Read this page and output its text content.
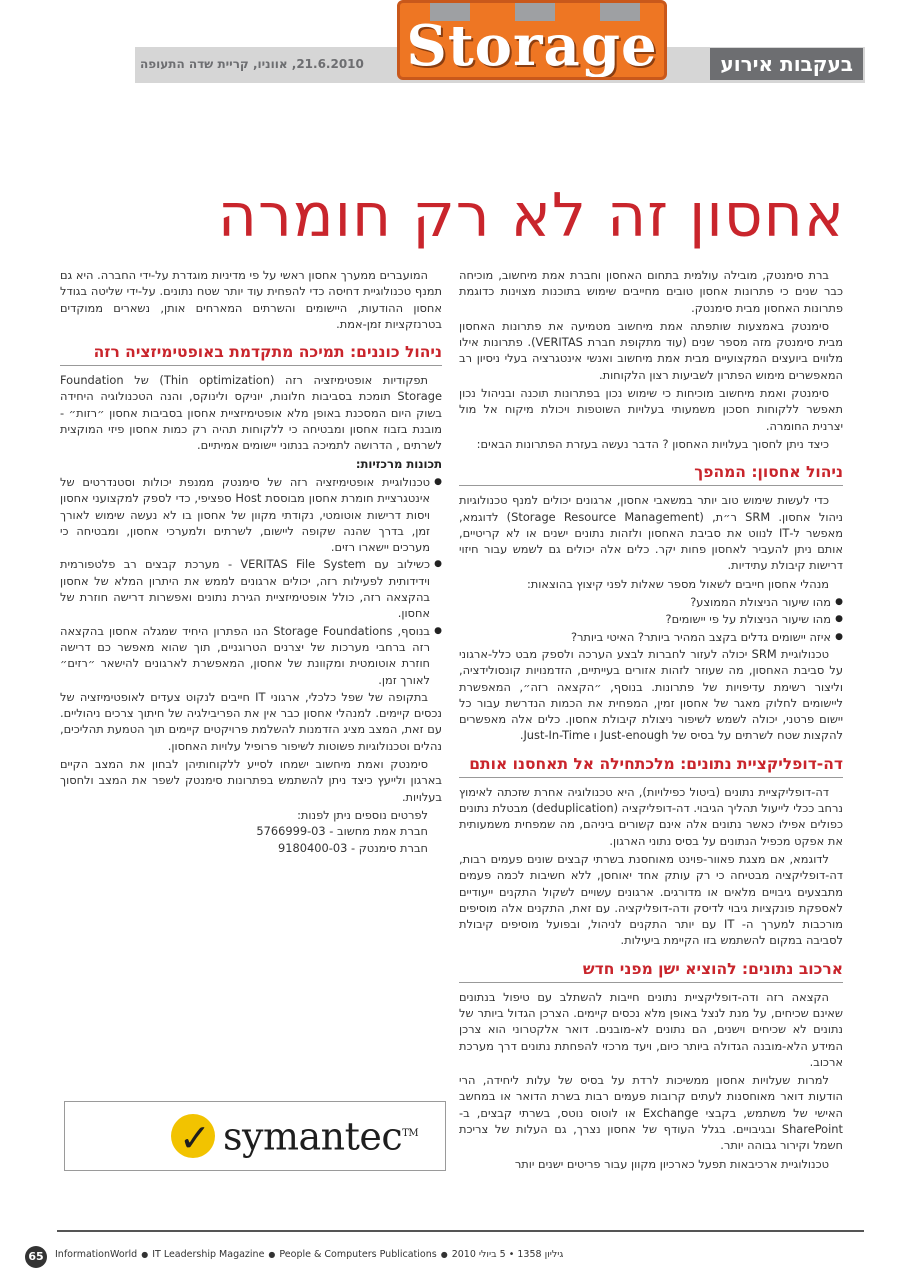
בעקבות אירוע
21.6.2010, אווניו, קריית שדה התעופה Storage
אחסון זה לא רק חומרה

ברת סימנטק, מובילה עולמית בתחום האחסון וחברת אמת מיחשוב, מוכיחה כבר שנים כי פתרונות אחסון טובים מחייבים שימוש בתוכנות מצוינות כדוגמת פתרונות האחסון מבית סימנטק.

סימנטק באמצעות שותפתה אמת מיחשוב מטמיעה את פתרונות האחסון מבית סימנטק מזה מספר שנים (עוד מתקופת חברת VERITAS). פתרונות אילו מלווים ביועצים המקצועיים מבית אמת מיחשוב ואנשי אינטגרציה בעלי ניסיון רב המאפשרים מימוש הפתרון לשביעות רצון הלקוחות.

סימנטק ואמת מיחשוב מוכיחות כי שימוש נכון בפתרונות תוכנה ובניהול נכון תאפשר ללקוחות חסכון משמעותי בעלויות השוטפות ויכולת מיקוח אל מול יצרנית החומרה.

כיצד ניתן לחסוך בעלויות האחסון ? הדבר נעשה בעזרת הפתרונות הבאים:

ניהול אחסון: המהפך

כדי לעשות שימוש טוב יותר במשאבי אחסון, ארגונים יכולים למנף טכנולוגיות ניהול אחסון. SRM ר״ת, (Storage Resource Management) לדוגמא, מאפשר ל-IT לנווט את סביבת האחסון ולזהות נתונים ישנים או לא קריטיים, אותם ניתן להעביר לאחסון פחות יקר. כלים אלה יכולים גם לשמש עבור חיזוי דרישות קיבולת עתידיות.

מנהלי אחסון חייבים לשאול מספר שאלות לפני קיצוץ בהוצאות:

● מהו שיעור הניצולת הממוצע?
● מהו שיעור הניצולת על פי יישומים?
● איזה יישומים גדלים בקצב המהיר ביותר? האיטי ביותר?

טכנולוגיית SRM יכולה לעזור לחברות לבצע הערכה ולספק מבט כלל-ארגוני על סביבת האחסון, מה שעוזר לזהות אזורים בעייתיים, הזדמנויות קונסולידציה, וליצור רשימת עדיפויות של פתרונות. בנוסף, ״הקצאה רזה״, המאפשרת ליישומים לחלוק מאגר של אחסון זמין, המפחית את הכמות הנדרשת עבור כל יישום פרטני, יכולה לשמש לשיפור ניצולת קיבולת אחסון. כלים אלה מאפשרים להקצות שטח לשרתים על בסיס של Just-enough ו Just-In-Time.

דה-דופליקציית נתונים: מלכתחילה אל תאחסנו אותם

דה-דופליקציית נתונים (ביטול כפילויות), היא טכנולוגיה אחרת שזכתה לאימוץ נרחב ככלי לייעול תהליך הגיבוי. דה-דופליקציה (deduplication) מבטלת נתונים כפולים אפילו כאשר נתונים אלה אינם קשורים ביניהם, מה שמפחית משמעותית את אפקט מכפיל הנתונים על בסיס נתוני הארגון.

לדוגמא, אם מצגת פאוור-פוינט מאוחסנת בשרתי קבצים שונים פעמים רבות, דה-דופליקציה מבטיחה כי רק עותק אחד יאוחסן, ללא חשיבות לכמה פעמים מתבצעים גיבויים מלאים או מדורגים. ארגונים עשויים לשקול התקנים ייעודיים לאספקת פונקציות גיבוי לדיסק ודה-דופליקציה. עם זאת, התקנים אלה מוסיפים מורכבות למערך ה- IT עם יותר התקנים לניהול, ובפועל מוסיפים קיבולת לסביבה במקום להשתמש בזו הקיימת ביעילות.

ארכוב נתונים: להוציא ישן מפני חדש

הקצאה רזה ודה-דופליקציית נתונים חייבות להשתלב עם טיפול בנתונים שאינם שכיחים, על מנת לנצל באופן מלא נכסים קיימים. הצרכן הגדול ביותר של נתונים לא שכיחים וישנים, הם נתונים לא-מובנים. דואר אלקטרוני הוא צרכן המידע הלא-מובנה הגדולה ביותר כיום, ויעד מרכזי להפחתת נתונים דרך מערכת ארכוב.

למרות שעלויות אחסון ממשיכות לרדת על בסיס של עלות ליחידה, הרי הודעות דואר מאוחסנות לעתים קרובות פעמים רבות בשרת הדואר או במחשב האישי של משתמש, בקבצי Exchange או לוטוס נוטס, בשרתי קבצים, ב-SharePoint ובגיבויים. בגלל העודף של אחסון נצרך, גם העלות של צריכת חשמל וקירור גבוהה יותר.

טכנולוגיית ארכיבאות תפעל כארכיון מקוון עבור פריטים ישנים יותר

המועברים ממערך אחסון ראשי על פי מדיניות מוגדרת על-ידי החברה. היא גם תמנף טכנולוגיית דחיסה כדי להפחית עוד יותר שטח נתונים. על-ידי שליטה בגודל אחסון ההודעות, היישומים והשרתים המארחים אותן, נשארים ממוקדים בטרנזקציות זמן-אמת.

ניהול כוננים: תמיכה מתקדמת באופטימיזציה רזה

תפקודיות אופטימיזציה רזה (Thin optimization) של Foundation Storage תומכת בסביבות חלונות, יוניקס ולינוקס, והנה הטכנולוגיה היחידה בשוק היום המסכנת באופן מלא אופטימיזציית אחסון בסביבות אחסון ״רזות״ - מובנת בזבוז אחסון ומבטיחה כי ללקוחות תהיה רק כמות אחסון פיזי המוקצית לשרתים , הדרושה לתמיכה בנתוני יישומים אמיתיים.

תכונות מרכזיות:
● טכנולוגיית אופטימיזציה רזה של סימנטק ממנפת יכולות וסטנדרטים של אינטגרציית חומרת אחסון מבוססת Host ספציפי, כדי לספק למקצועני אחסון ויסות דרישות אוטומטי, נקודתי מקוון של אחסון בו לא נעשה שימוש לאורך זמן, בדרך שהנה שקופה ליישום, לשרתים ולמערכי אחסון, ומבטיחה כי מערכים יישארו רזים.
● כשילוב עם VERITAS File System - מערכת קבצים רב פלטפורמית וידידותית לפעילות רזה, יכולים ארגונים לממש את היתרון המלא של אחסון בהקצאה רזה, כולל אופטימיזציית הגירת נתונים ואפשרות דרישה חוזרת של אחסון.
● בנוסף, Storage Foundations הנו הפתרון היחיד שמגלה אחסון בהקצאה רזה ברחבי מערכות של יצרנים הטרוגניים, תוך שהוא מאפשר כם דרישה חוזרת אוטומטית ומקוונת של אחסון, המאפשרת לארגונים להישאר ״רזים״ לאורך זמן.

בתקופה של שפל כלכלי, ארגוני IT חייבים לנקוט צעדים לאופטימיזציה של נכסים קיימים. למנהלי אחסון כבר אין את הפריבילגיה של חיתוך צרכים ניהוליים. עם זאת, המצב מציג הזדמנות להשלמת פרויקטים קיימים תוך הטמעת תהליכים, נהלים וטכנולוגיות פשוטות לשיפור פרופיל עלויות האחסון.

סימנטק ואמת מיחשוב ישמחו לסייע ללקוחותיהן לבחון את המצב הקיים בארגון ולייעץ כיצד ניתן להשתמש בפתרונות סימנטק לשפר את המצב ולחסוך בעלויות.

לפרטים נוספים ניתן לפנות:

חברת אמת מחשוב - 5766999-03

חברת סימנטק - 9180400-03

✓ symantec™
65	InformationWorld ● IT Leadership Magazine ● People & Computers Publications ● גיליון 1358 • 5 ביולי 2010
